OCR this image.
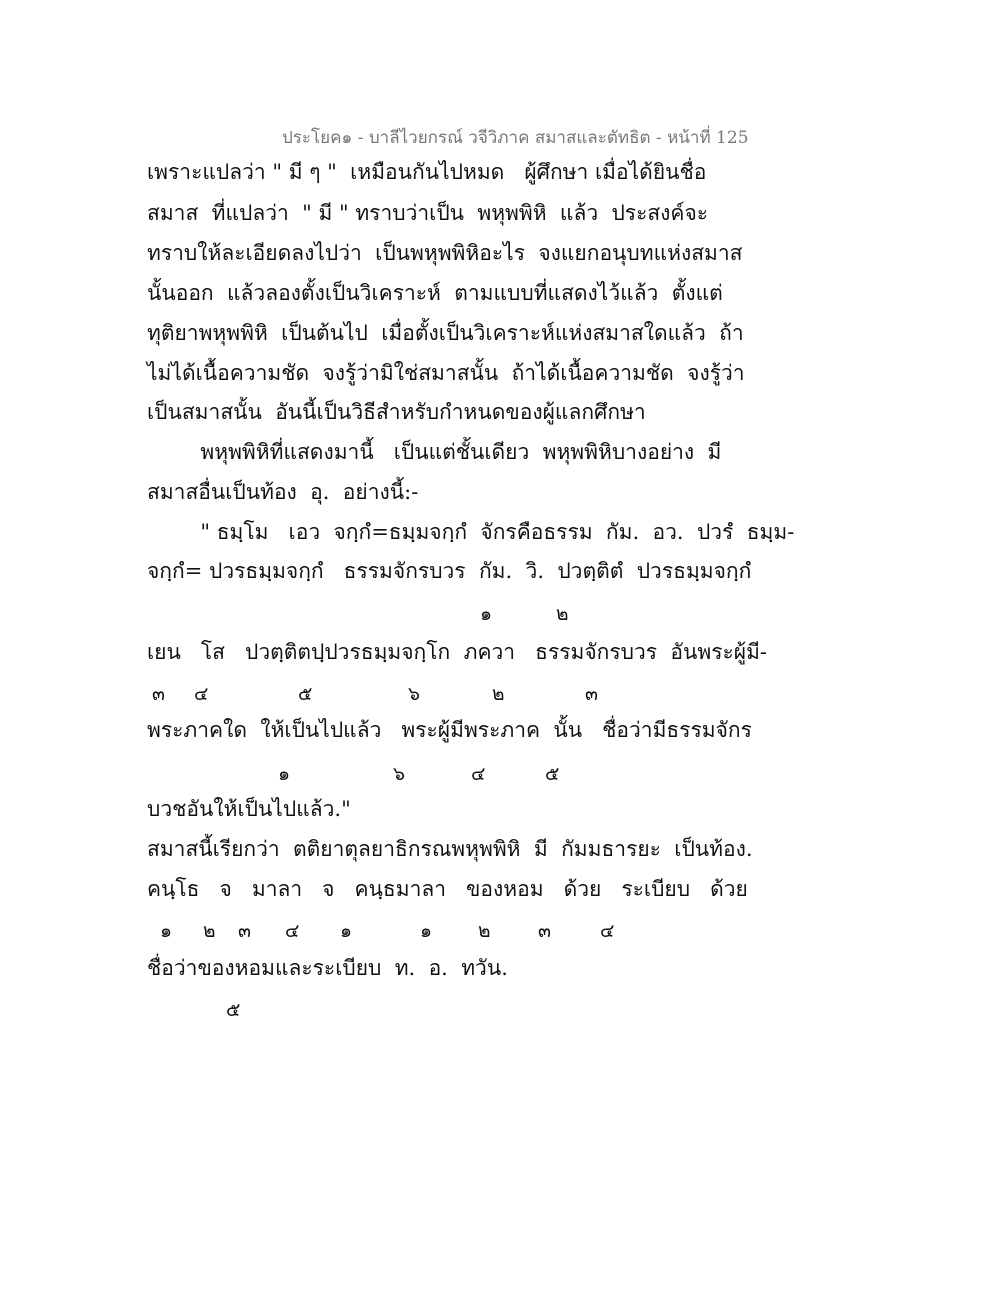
ประโยค๑ - บาลีไวยกรณ์ วจีวิภาค สมาสและตัทธิต - หน้าที่ 125
เพราะแปลว่า " มี ๆ "  เหมือนกันไปหมด   ผู้ศึกษา เมื่อได้ยินชื่อ
สมาส  ที่แปลว่า  " มี " ทราบว่าเป็น  พหุพพิหิ  แล้ว  ประสงค์จะ
ทราบให้ละเอียดลงไปว่า  เป็นพหุพพิหิอะไร  จงแยกอนุบทแห่งสมาส
นั้นออก  แล้วลองตั้งเป็นวิเคราะห์  ตามแบบที่แสดงไว้แล้ว  ตั้งแต่
ทุติยาพหุพพิหิ  เป็นต้นไป  เมื่อตั้งเป็นวิเคราะห์แห่งสมาสใดแล้ว  ถ้า
ไม่ได้เนื้อความชัด  จงรู้ว่ามิใช่สมาสนั้น  ถ้าได้เนื้อความชัด  จงรู้ว่า
เป็นสมาสนั้น  อันนี้เป็นวิธีสำหรับกำหนดของผู้แลกศึกษา
พหุพพิหิที่แสดงมานี้   เป็นแต่ชั้นเดียว  พหุพพิหิบางอย่าง  มี
สมาสอื่นเป็นท้อง  อุ.  อย่างนี้:-
" ธมฺโม   เอว  จกฺกํ=ธมฺมจกฺกํ  จักรคือธรรม  กัม.  อว.  ปวรํ  ธมฺม-
จกฺกํ= ปวรธมฺมจกฺกํ   ธรรมจักรบวร  กัม.  วิ.  ปวตฺติตํ  ปวรธมฺมจกฺกํ
๑	๒
เยน   โส   ปวตฺติตปฺปวรธมฺมจกฺโก  ภควา   ธรรมจักรบวร  อันพระผู้มี-
๓ ๔	๕	๖	๒	๓
พระภาคใด  ให้เป็นไปแล้ว   พระผู้มีพระภาค  นั้น   ชื่อว่ามีธรรมจักร
๑	๖	๔	๕
บวชอันให้เป็นไปแล้ว."
สมาสนี้เรียกว่า  ตติยาตุลยาธิกรณพหุพพิหิ  มี  กัมมธารยะ  เป็นท้อง.
คนฺโธ   จ   มาลา   จ   คนฺธมาลา   ของหอม   ด้วย   ระเบียบ   ด้วย
๑ ๒ ๓ ๔ ๑	๑ ๒ ๓	๔
ชื่อว่าของหอมและระเบียบ  ท.  อ.  ทวัน.
๕
